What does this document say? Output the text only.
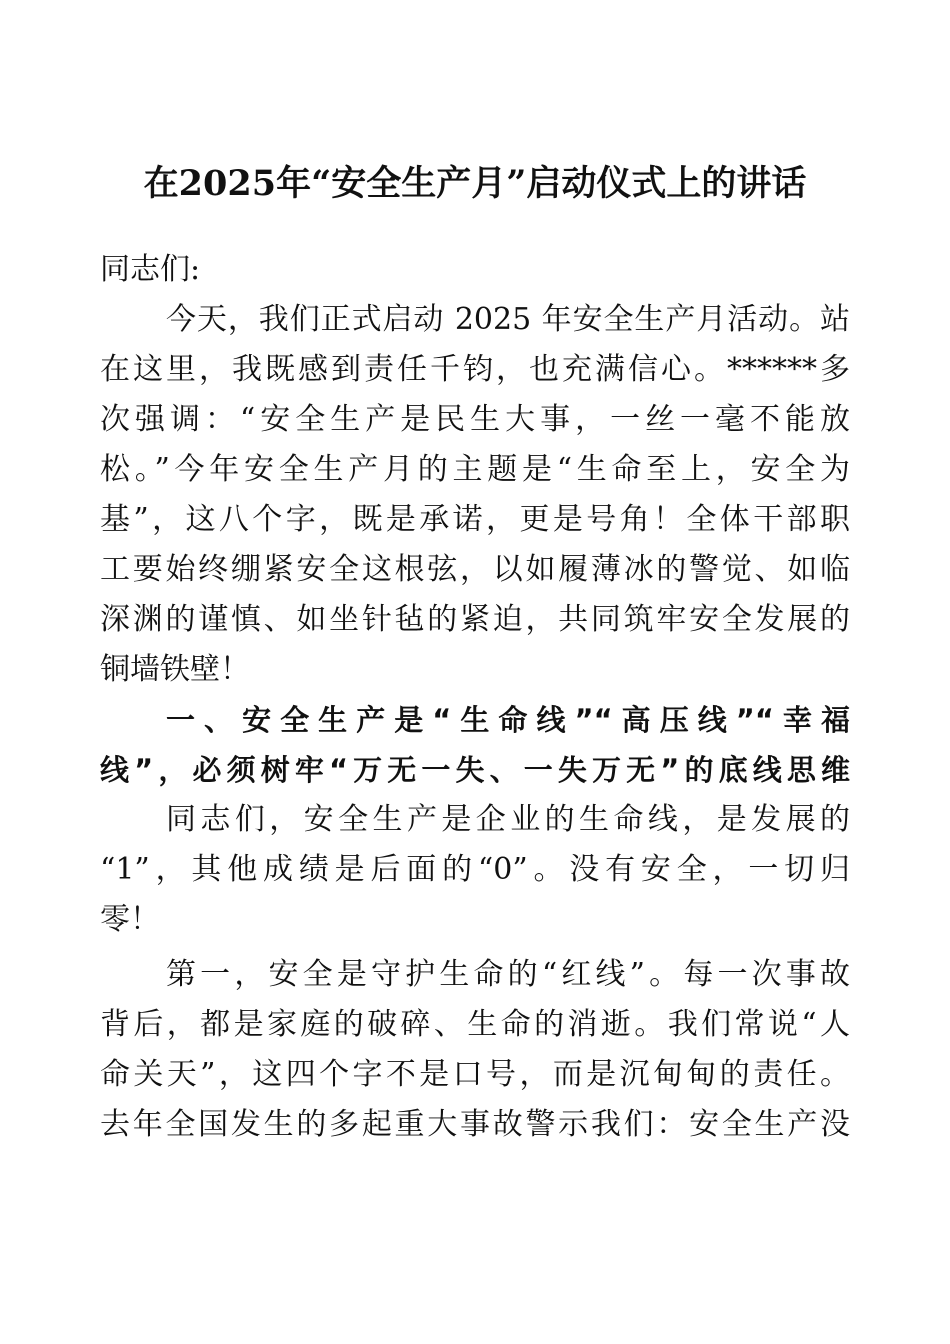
在2025年“安全生产月”启动仪式上的讲话
同志们:
今天，我们正式启动 2025 年安全生产月活动。站
在这里，我既感到责任千钧，也充满信心。******多
次强调：“安全生产是民生大事，一丝一毫不能放
松。”今年安全生产月的主题是“生命至上，安全为
基”，这八个字，既是承诺，更是号角！全体干部职
工要始终绷紧安全这根弦，以如履薄冰的警觉、如临
深渊的谨慎、如坐针毡的紧迫，共同筑牢安全发展的
铜墙铁壁！
一、安全生产是“生命线”“高压线”“幸福
线”，必须树牢“万无一失、一失万无”的底线思维
同志们，安全生产是企业的生命线，是发展的
“1”，其他成绩是后面的“0”。没有安全，一切归
零！
第一，安全是守护生命的“红线”。每一次事故
背后，都是家庭的破碎、生命的消逝。我们常说“人
命关天”，这四个字不是口号，而是沉甸甸的责任。
去年全国发生的多起重大事故警示我们：安全生产没
